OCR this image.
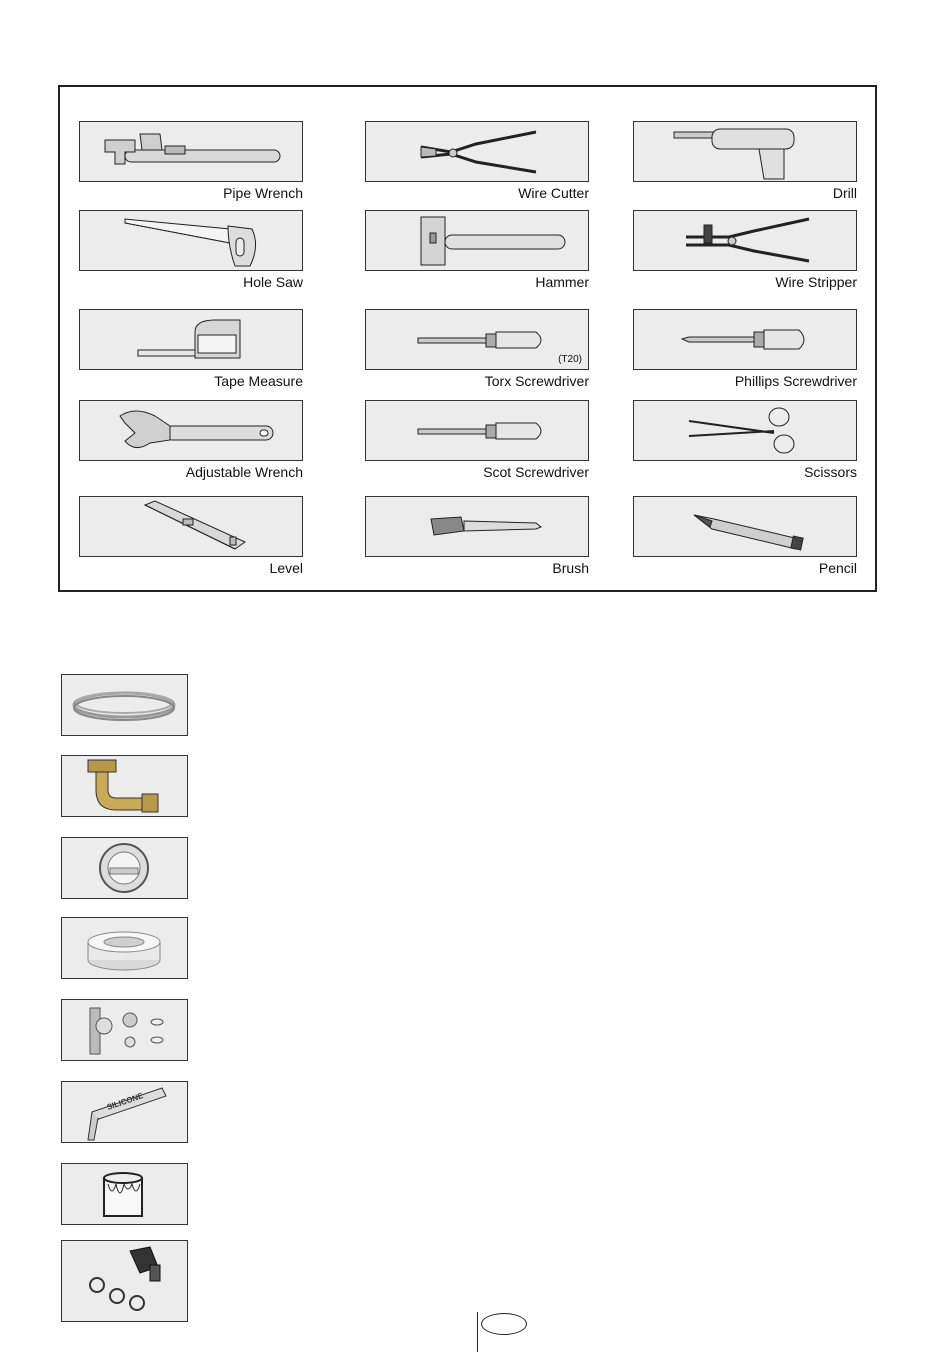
Pipe Wrench
Hole Saw
Tape Measure
Adjustable Wrench
Level
Wire Cutter
Hammer
(T20)
Torx Screwdriver
Scot Screwdriver
Brush
Drill
Wire Stripper
Phillips Screwdriver
Scissors
Pencil
SILICONE
